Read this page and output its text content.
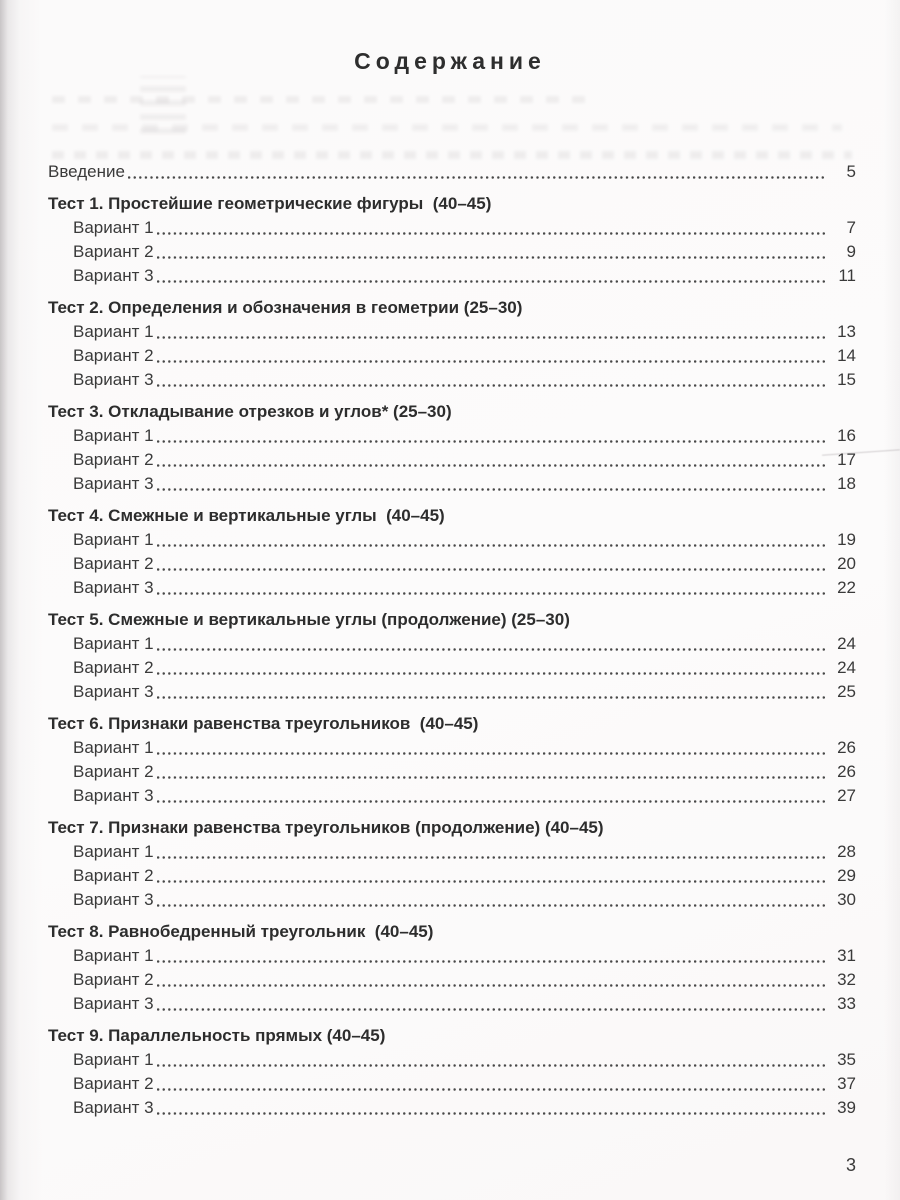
Содержание
Введение	5
Тест 1. Простейшие геометрические фигуры  (40–45)
Вариант 1	7
Вариант 2	9
Вариант 3	11
Тест 2. Определения и обозначения в геометрии (25–30)
Вариант 1	13
Вариант 2	14
Вариант 3	15
Тест 3. Откладывание отрезков и углов* (25–30)
Вариант 1	16
Вариант 2	17
Вариант 3	18
Тест 4. Смежные и вертикальные углы  (40–45)
Вариант 1	19
Вариант 2	20
Вариант 3	22
Тест 5. Смежные и вертикальные углы (продолжение) (25–30)
Вариант 1	24
Вариант 2	24
Вариант 3	25
Тест 6. Признаки равенства треугольников  (40–45)
Вариант 1	26
Вариант 2	26
Вариант 3	27
Тест 7. Признаки равенства треугольников (продолжение) (40–45)
Вариант 1	28
Вариант 2	29
Вариант 3	30
Тест 8. Равнобедренный треугольник  (40–45)
Вариант 1	31
Вариант 2	32
Вариант 3	33
Тест 9. Параллельность прямых (40–45)
Вариант 1	35
Вариант 2	37
Вариант 3	39
3
